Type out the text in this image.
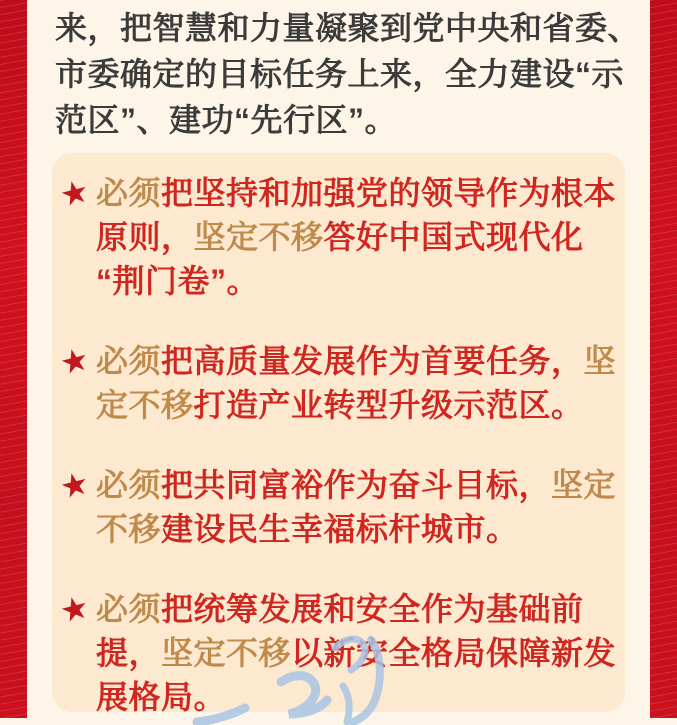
来，把智慧和力量凝聚到党中央和省委、
市委确定的目标任务上来，全力建设“示
范区”、建功“先行区”。
★ 必须把坚持和加强党的领导作为根本
原则，坚定不移答好中国式现代化
“荆门卷”。
★ 必须把高质量发展作为首要任务，坚
定不移打造产业转型升级示范区。
★ 必须把共同富裕作为奋斗目标，坚定
不移建设民生幸福标杆城市。
★ 必须把统筹发展和安全作为基础前
提，坚定不移以新安全格局保障新发
展格局。
